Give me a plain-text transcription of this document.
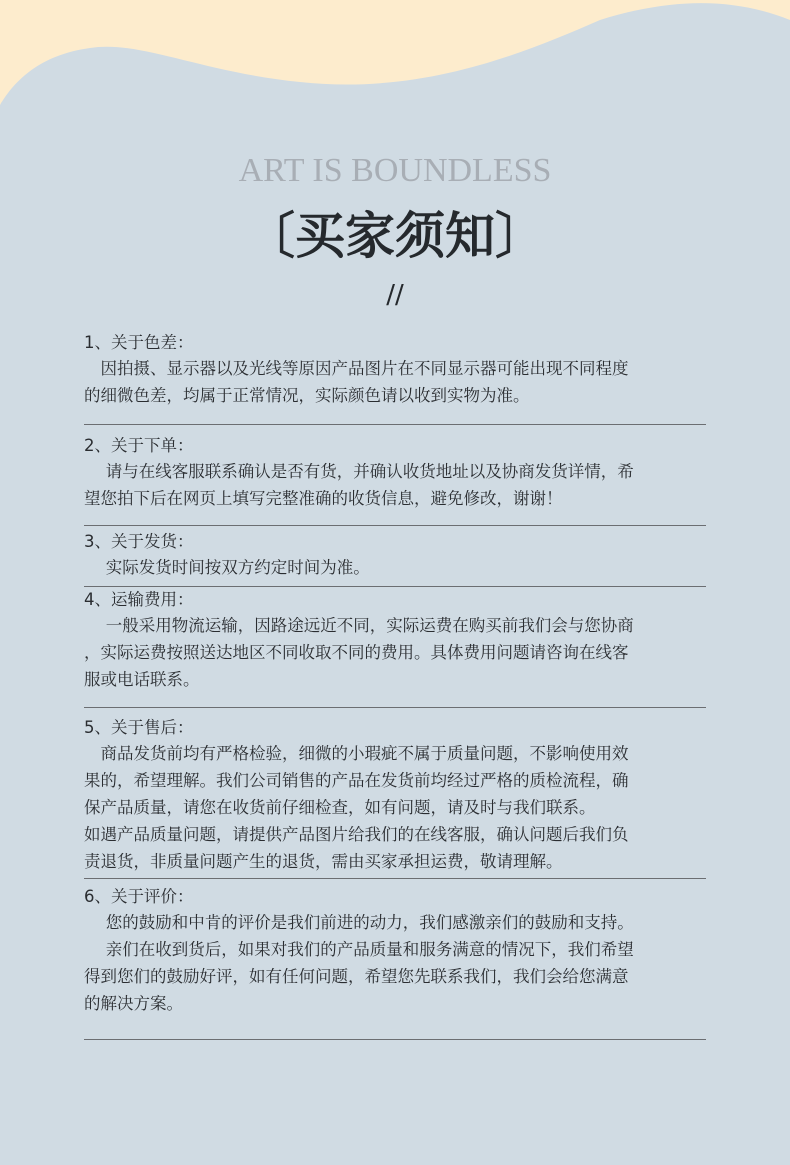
ART IS BOUNDLESS
〔买家须知〕
//
1、关于色差：
　因拍摄、显示器以及光线等原因产品图片在不同显示器可能出现不同程度
的细微色差，均属于正常情况，实际颜色请以收到实物为准。
2、关于下单：
　 请与在线客服联系确认是否有货，并确认收货地址以及协商发货详情，希
望您拍下后在网页上填写完整准确的收货信息，避免修改，谢谢！
3、关于发货：
　 实际发货时间按双方约定时间为准。
4、运输费用：
　 一般采用物流运输，因路途远近不同，实际运费在购买前我们会与您协商
，实际运费按照送达地区不同收取不同的费用。具体费用问题请咨询在线客
服或电话联系。
5、关于售后：
　商品发货前均有严格检验，细微的小瑕疵不属于质量问题，不影响使用效
果的，希望理解。我们公司销售的产品在发货前均经过严格的质检流程，确
保产品质量，请您在收货前仔细检查，如有问题，请及时与我们联系。
如遇产品质量问题，请提供产品图片给我们的在线客服，确认问题后我们负
责退货，非质量问题产生的退货，需由买家承担运费，敬请理解。
6、关于评价：
　 您的鼓励和中肯的评价是我们前进的动力，我们感激亲们的鼓励和支持。
　 亲们在收到货后，如果对我们的产品质量和服务满意的情况下，我们希望
得到您们的鼓励好评，如有任何问题，希望您先联系我们，我们会给您满意
的解决方案。
